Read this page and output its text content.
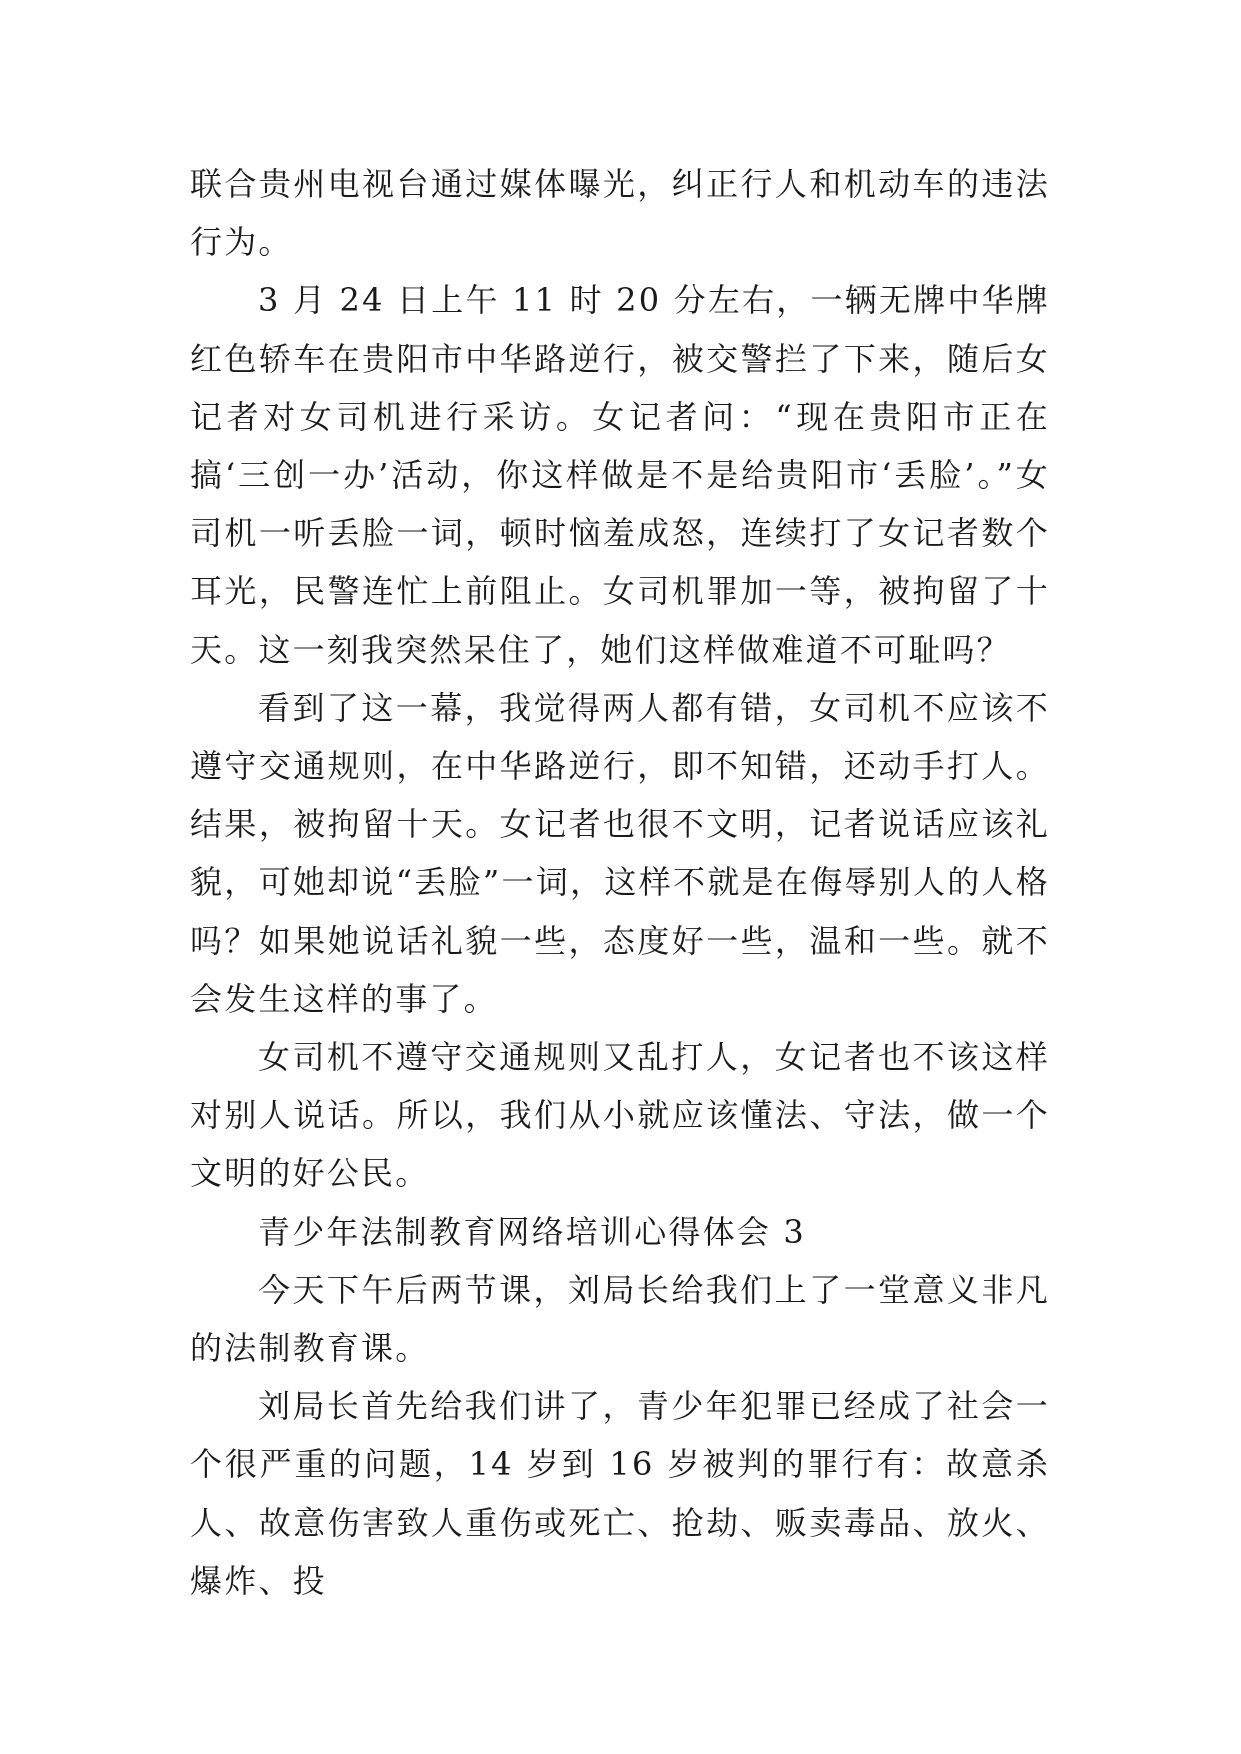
联合贵州电视台通过媒体曝光，纠正行人和机动车的违法行为。

3 月 24 日上午 11 时 20 分左右，一辆无牌中华牌红色轿车在贵阳市中华路逆行，被交警拦了下来，随后女记者对女司机进行采访。女记者问：“现在贵阳市正在搞‘三创一办’活动，你这样做是不是给贵阳市‘丢脸’。”女司机一听丢脸一词，顿时恼羞成怒，连续打了女记者数个耳光，民警连忙上前阻止。女司机罪加一等，被拘留了十天。这一刻我突然呆住了，她们这样做难道不可耻吗？

看到了这一幕，我觉得两人都有错，女司机不应该不遵守交通规则，在中华路逆行，即不知错，还动手打人。结果，被拘留十天。女记者也很不文明，记者说话应该礼貌，可她却说“丢脸”一词，这样不就是在侮辱别人的人格吗？如果她说话礼貌一些，态度好一些，温和一些。就不会发生这样的事了。

女司机不遵守交通规则又乱打人，女记者也不该这样对别人说话。所以，我们从小就应该懂法、守法，做一个文明的好公民。

青少年法制教育网络培训心得体会 3

今天下午后两节课，刘局长给我们上了一堂意义非凡的法制教育课。

刘局长首先给我们讲了，青少年犯罪已经成了社会一个很严重的问题，14 岁到 16 岁被判的罪行有：故意杀人、故意伤害致人重伤或死亡、抢劫、贩卖毒品、放火、爆炸、投
